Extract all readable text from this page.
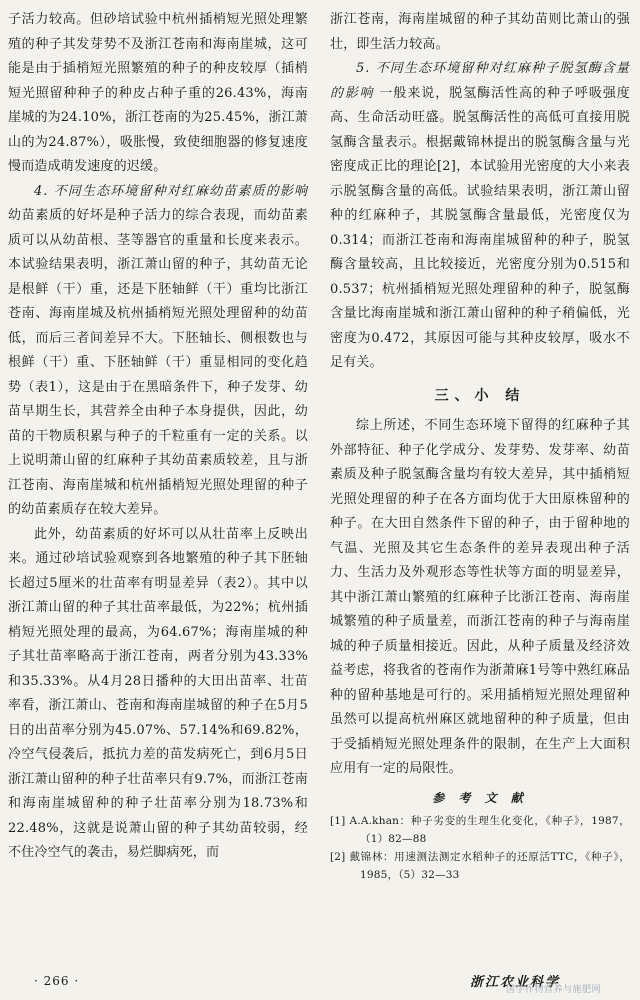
子活力较高。但砂培试验中杭州插梢短光照处理繁殖的种子其发芽势不及浙江苍南和海南崖城，这可能是由于插梢短光照繁殖的种子的种皮较厚（插梢短光照留种种子的种皮占种子重的26.43%，海南崖城的为24.10%，浙江苍南的为25.45%，浙江萧山的为24.87%），吸胀慢，致使细胞器的修复速度慢而造成萌发速度的迟缓。

4. 不同生态环境留种对红麻幼苗素质的影响 幼苗素质的好坏是种子活力的综合表现，而幼苗素质可以从幼苗根、茎等器官的重量和长度来表示。本试验结果表明，浙江萧山留的种子，其幼苗无论是根鲜（干）重，还是下胚轴鲜（干）重均比浙江苍南、海南崖城及杭州插梢短光照处理留种的幼苗低，而后三者间差异不大。下胚轴长、侧根数也与根鲜（干）重、下胚轴鲜（干）重显相同的变化趋势（表1），这是由于在黑暗条件下，种子发芽、幼苗早期生长，其营养全由种子本身提供，因此，幼苗的干物质积累与种子的千粒重有一定的关系。以上说明萧山留的红麻种子其幼苗素质较差，且与浙江苍南、海南崖城和杭州插梢短光照处理留的种子的幼苗素质存在较大差异。

此外，幼苗素质的好坏可以从壮苗率上反映出来。通过砂培试验观察到各地繁殖的种子其下胚轴长超过5厘米的壮苗率有明显差异（表2）。其中以浙江萧山留的种子其壮苗率最低，为22%；杭州插梢短光照处理的最高，为64.67%；海南崖城的种子其壮苗率略高于浙江苍南，两者分别为43.33%和35.33%。从4月28日播种的大田出苗率、壮苗率看，浙江萧山、苍南和海南崖城留的种子在5月5日的出苗率分别为45.07%、57.14%和69.82%，冷空气侵袭后，抵抗力差的苗发病死亡，到6月5日浙江萧山留种的种子壮苗率只有9.7%，而浙江苍南和海南崖城留种的种子壮苗率分别为18.73%和22.48%，这就是说萧山留的种子其幼苗较弱，经不住冷空气的袭击，易烂脚病死，而

浙江苍南，海南崖城留的种子其幼苗则比萧山的强壮，即生活力较高。

5. 不同生态环境留种对红麻种子脱氢酶含量的影响 一般来说，脱氢酶活性高的种子呼吸强度高、生命活动旺盛。脱氢酶活性的高低可直接用脱氢酶含量表示。根据戴锦林提出的脱氢酶含量与光密度成正比的理论[2]，本试验用光密度的大小来表示脱氢酶含量的高低。试验结果表明，浙江萧山留种的红麻种子，其脱氢酶含量最低，光密度仅为0.314；而浙江苍南和海南崖城留种的种子，脱氢酶含量较高，且比较接近，光密度分别为0.515和0.537；杭州插梢短光照处理留种的种子，脱氢酶含量比海南崖城和浙江萧山留种的种子稍偏低，光密度为0.472，其原因可能与其种皮较厚，吸水不足有关。

三、小 结

综上所述，不同生态环境下留得的红麻种子其外部特征、种子化学成分、发芽势、发芽率、幼苗素质及种子脱氢酶含量均有较大差异，其中插梢短光照处理留的种子在各方面均优于大田原株留种的种子。在大田自然条件下留的种子，由于留种地的气温、光照及其它生态条件的差异表现出种子活力、生活力及外观形态等性状等方面的明显差异，其中浙江萧山繁殖的红麻种子比浙江苍南、海南崖城繁殖的种子质量差，而浙江苍南的种子与海南崖城的种子质量相接近。因此，从种子质量及经济效益考虑，将我省的苍南作为浙萧麻1号等中熟红麻品种的留种基地是可行的。采用插梢短光照处理留种虽然可以提高杭州麻区就地留种的种子质量，但由于受插梢短光照处理条件的限制，在生产上大面积应用有一定的局限性。

参 考 文 献

[1] A.A.khan：种子劣变的生理生化变化，《种子》，1987，（1）82—88

[2] 戴锦林：用速测法测定水稻种子的还原活TTC，《种子》，1985，（5）32—33

· 266 ·	浙江农业科学
国学作物营养与施肥网
